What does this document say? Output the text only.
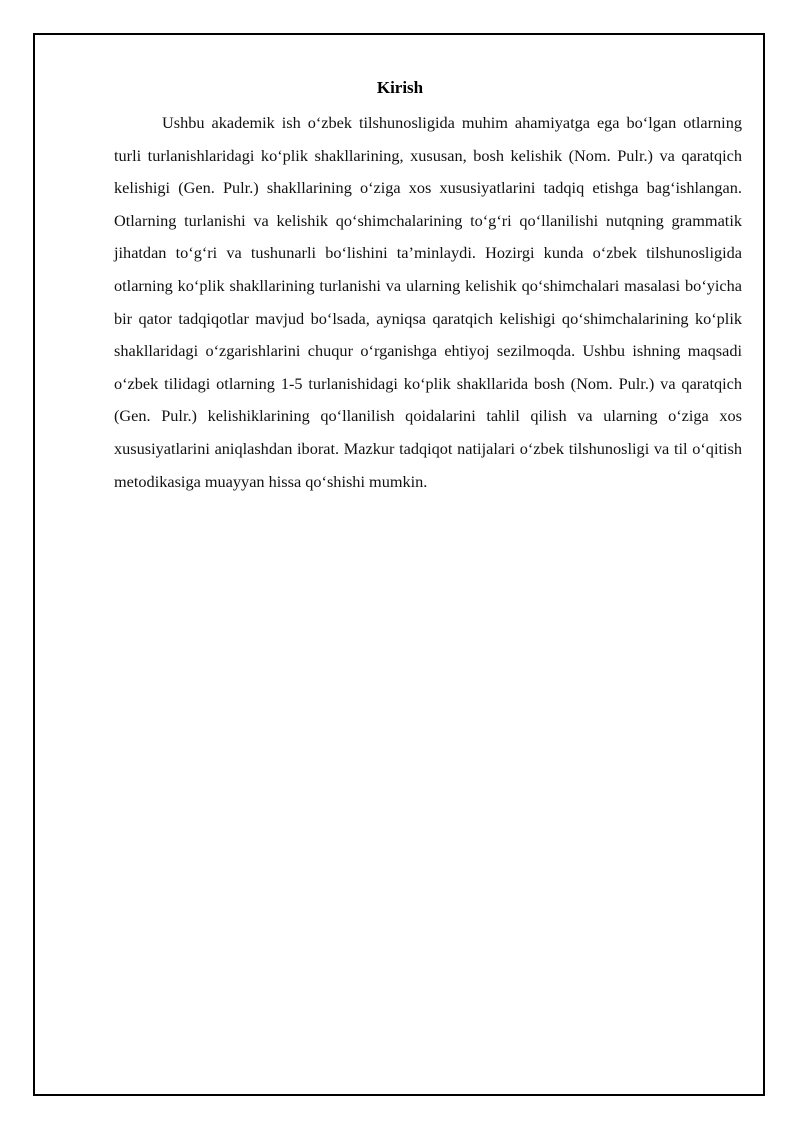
Kirish

Ushbu akademik ish o‘zbek tilshunosligida muhim ahamiyatga ega bo‘lgan otlarning turli turlanishlaridagi ko‘plik shakllarining, xususan, bosh kelishik (Nom. Pulr.) va qaratqich kelishigi (Gen. Pulr.) shakllarining o‘ziga xos xususiyatlarini tadqiq etishga bag‘ishlangan. Otlarning turlanishi va kelishik qo‘shimchalarining to‘g‘ri qo‘llanilishi nutqning grammatik jihatdan to‘g‘ri va tushunarli bo‘lishini ta’minlaydi. Hozirgi kunda o‘zbek tilshunosligida otlarning ko‘plik shakllarining turlanishi va ularning kelishik qo‘shimchalari masalasi bo‘yicha bir qator tadqiqotlar mavjud bo‘lsada, ayniqsa qaratqich kelishigi qo‘shimchalarining ko‘plik shakllaridagi o‘zgarishlarini chuqur o‘rganishga ehtiyoj sezilmoqda. Ushbu ishning maqsadi o‘zbek tilidagi otlarning 1-5 turlanishidagi ko‘plik shakllarida bosh (Nom. Pulr.) va qaratqich (Gen. Pulr.) kelishiklarining qo‘llanilish qoidalarini tahlil qilish va ularning o‘ziga xos xususiyatlarini aniqlashdan iborat. Mazkur tadqiqot natijalari o‘zbek tilshunosligi va til o‘qitish metodikasiga muayyan hissa qo‘shishi mumkin.
